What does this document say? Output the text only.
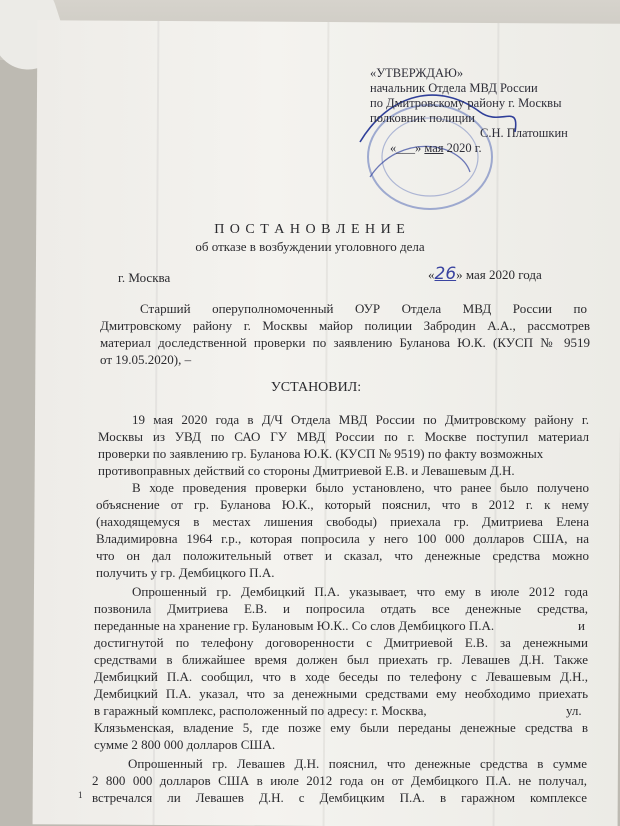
«УТВЕРЖДАЮ»
начальник Отдела МВД России
по Дмитровскому району г. Москвы
полковник полиции
С.Н. Платошкин
«___» мая 2020 г.
П О С Т А Н О В Л Е Н И Е
об отказе в возбуждении уголовного дела
г. Москва	«26» мая 2020 года
Старший оперуполномоченный ОУР Отдела МВД России по
Дмитровскому району г. Москвы майор полиции Забродин А.А., рассмотрев
материал доследственной проверки по заявлению Буланова Ю.К. (КУСП № 9519
от 19.05.2020), –
УСТАНОВИЛ:
19 мая 2020 года в Д/Ч Отдела МВД России по Дмитровскому району г.
Москвы из УВД по САО ГУ МВД России по г. Москве поступил материал
проверки по заявлению гр. Буланова Ю.К. (КУСП № 9519) по факту возможных
противоправных действий со стороны Дмитриевой Е.В. и Левашевым Д.Н.
В ходе проведения проверки было установлено, что ранее было получено
объяснение от гр. Буланова Ю.К., который пояснил, что в 2012 г. к нему
(находящемуся в местах лишения свободы) приехала гр. Дмитриева Елена
Владимировна 1964 г.р., которая попросила у него 100 000 долларов США, на
что он дал положительный ответ и сказал, что денежные средства можно
получить у гр. Дембицкого П.А.
Опрошенный гр. Дембицкий П.А. указывает, что ему в июле 2012 года
позвонила Дмитриева Е.В. и попросила отдать все денежные средства,
переданные на хранение гр. Булановым Ю.К.. Со слов Дембицкого П.А.	и
достигнутой по телефону договоренности с Дмитриевой Е.В. за денежными
средствами в ближайшее время должен был приехать гр. Левашев Д.Н. Также
Дембицкий П.А. сообщил, что в ходе беседы по телефону с Левашевым Д.Н.,
Дембицкий П.А. указал, что за денежными средствами ему необходимо приехать
в гаражный комплекс, расположенный по адресу: г. Москва,	ул.
Клязьменская, владение 5, где позже ему были переданы денежные средства в
сумме 2 800 000 долларов США.
Опрошенный гр. Левашев Д.Н. пояснил, что денежные средства в сумме
2 800 000 долларов США в июле 2012 года он от Дембицкого П.А. не получал,
встречался ли Левашев Д.Н. с Дембицким П.А. в гаражном комплексе
1
